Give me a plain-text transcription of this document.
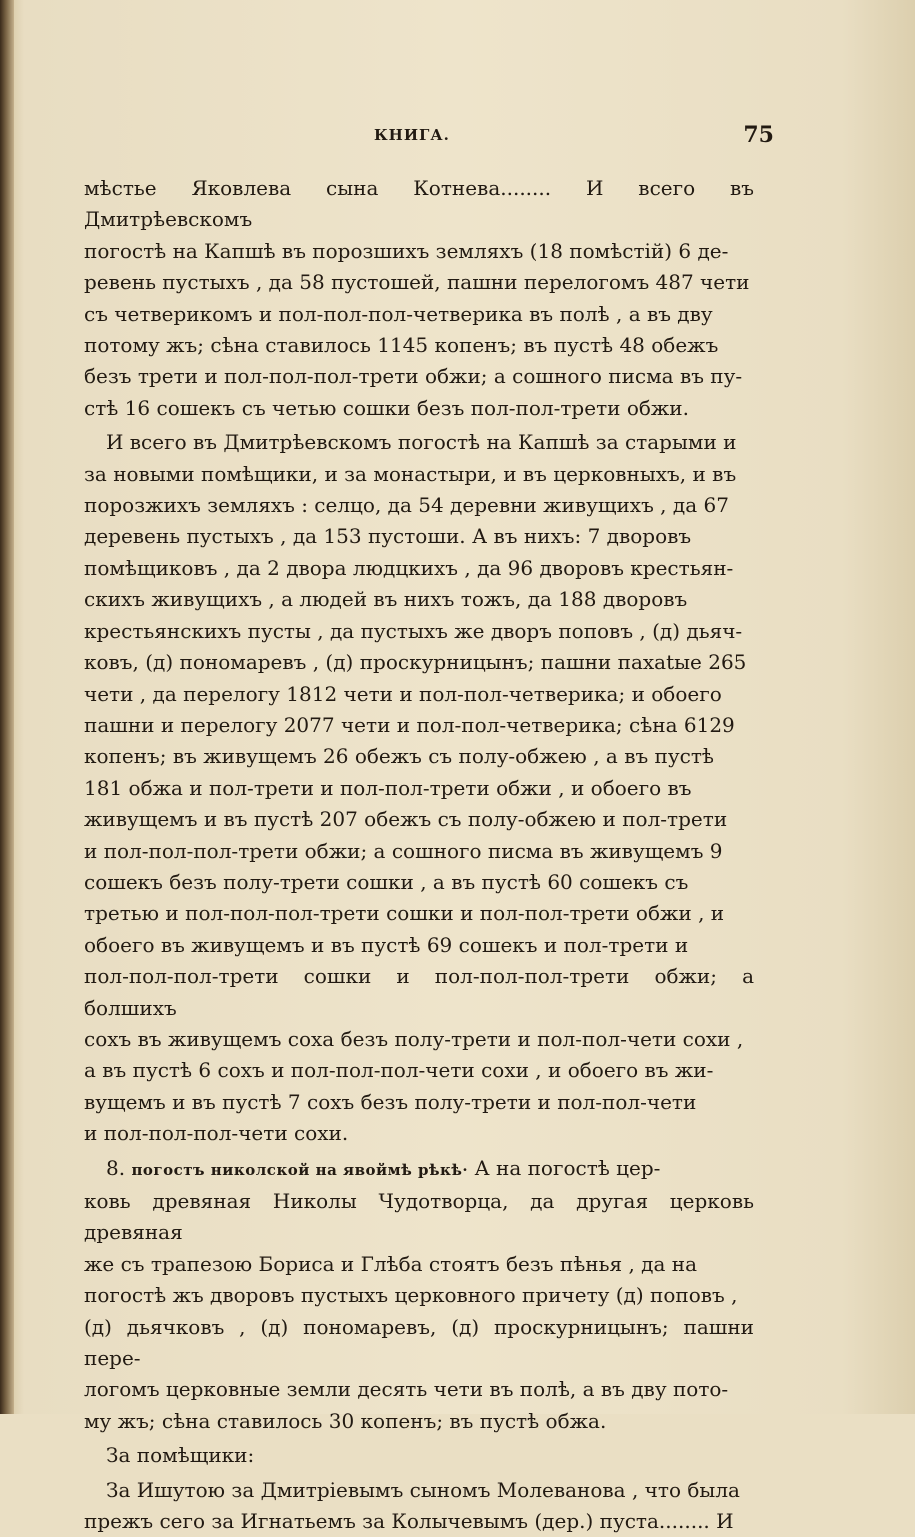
КНИГА.	75
мѣстье Яковлева сына Котнева........ И всего въ Дмитрѣевскомъ
погостѣ на Капшѣ въ порозшихъ земляхъ (18 помѣстій) 6 де-
ревень пустыхъ , да 58 пустошей, пашни перелогомъ 487 чети
съ четверикомъ и пол-пол-пол-четверика въ полѣ , а въ дву
потому жъ; сѣна ставилось 1145 копенъ; въ пустѣ 48 обежъ
безъ трети и пол-пол-пол-трети обжи; а сошного писма въ пу-
стѣ 16 сошекъ съ четью сошки безъ пол-пол-трети обжи.
И всего въ Дмитрѣевскомъ погостѣ на Капшѣ за старыми и
за новыми помѣщики, и за монастыри, и въ церковныхъ, и въ
порозжихъ земляхъ : селцо, да 54 деревни живущихъ , да 67
деревень пустыхъ , да 153 пустоши. А въ нихъ: 7 дворовъ
помѣщиковъ , да 2 двора людцкихъ , да 96 дворовъ крестьян-
скихъ живущихъ , а людей въ нихъ тожъ, да 188 дворовъ
крестьянскихъ пусты , да пустыхъ же дворъ поповъ , (д) дьяч-
ковъ, (д) пономаревъ , (д) проскурницынъ; пашни пахаtые 265
чети , да перелогу 1812 чети и пол-пол-четверика; и обоего
пашни и перелогу 2077 чети и пол-пол-четверика; сѣна 6129
копенъ; въ живущемъ 26 обежъ съ полу-обжею , а въ пустѣ
181 обжа и пол-трети и пол-пол-трети обжи , и обоего въ
живущемъ и въ пустѣ 207 обежъ съ полу-обжею и пол-трети
и пол-пол-пол-трети обжи; а сошного писма въ живущемъ 9
сошекъ безъ полу-трети сошки , а въ пустѣ 60 сошекъ съ
третью и пол-пол-пол-трети сошки и пол-пол-трети обжи , и
обоего въ живущемъ и въ пустѣ 69 сошекъ и пол-трети и
пол-пол-пол-трети сошки и пол-пол-пол-трети обжи; а болшихъ
сохъ въ живущемъ соха безъ полу-трети и пол-пол-чети сохи ,
а въ пустѣ 6 сохъ и пол-пол-пол-чети сохи , и обоего въ жи-
вущемъ и въ пустѣ 7 сохъ безъ полу-трети и пол-пол-чети
и пол-пол-пол-чети сохи.
8. погостъ николской на явоймѣ рѣкѣ· А на погостѣ цер-
ковь древяная Николы Чудотворца, да другая церковь древяная
же съ трапезою Бориса и Глѣба стоятъ безъ пѣнья , да на
погостѣ жъ дворовъ пустыхъ церковного причету (д) поповъ ,
(д) дьячковъ , (д) пономаревъ, (д) проскурницынъ; пашни пере-
логомъ церковные земли десять чети въ полѣ, а въ дву пото-
му жъ; сѣна ставилось 30 копенъ; въ пустѣ обжа.
За помѣщики:
За Ишутою за Дмитрiевымъ сыномъ Молеванова , что была
прежъ сего за Игнатьемъ за Колычевымъ (дер.) пуста........ И
